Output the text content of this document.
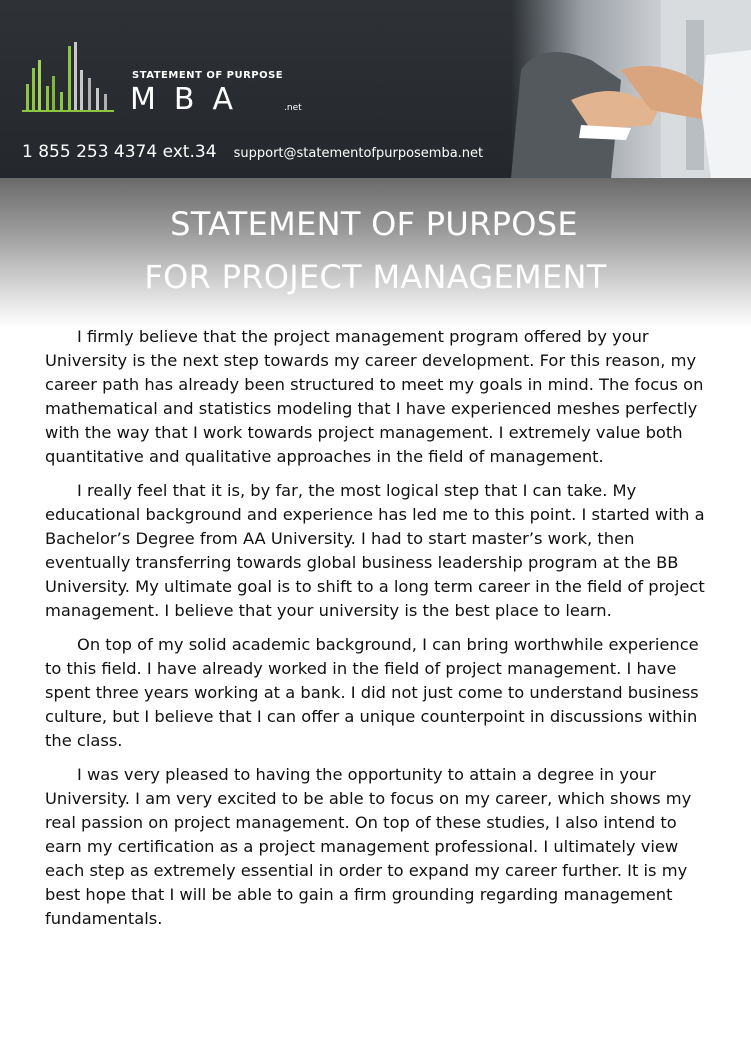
STATEMENT OF PURPOSE
MBA	.net
1 855 253 4374 ext.34 support@statementofpurposemba.net
STATEMENT OF PURPOSE
FOR PROJECT MANAGEMENT

I firmly believe that the project management program offered by your University is the next step towards my career development. For this reason, my career path has already been structured to meet my goals in mind. The focus on mathematical and statistics modeling that I have experienced meshes perfectly with the way that I work towards project management. I extremely value both quantitative and qualitative approaches in the field of management.

I really feel that it is, by far, the most logical step that I can take. My educational background and experience has led me to this point. I started with a Bachelor’s Degree from AA University. I had to start master’s work, then eventually transferring towards global business leadership program at the BB University. My ultimate goal is to shift to a long term career in the field of project management. I believe that your university is the best place to learn.

On top of my solid academic background, I can bring worthwhile experience to this field. I have already worked in the field of project management. I have spent three years working at a bank. I did not just come to understand business culture, but I believe that I can offer a unique counterpoint in discussions within the class.

I was very pleased to having the opportunity to attain a degree in your University. I am very excited to be able to focus on my career, which shows my real passion on project management. On top of these studies, I also intend to earn my certification as a project management professional. I ultimately view each step as extremely essential in order to expand my career further. It is my best hope that I will be able to gain a firm grounding regarding management fundamentals.
